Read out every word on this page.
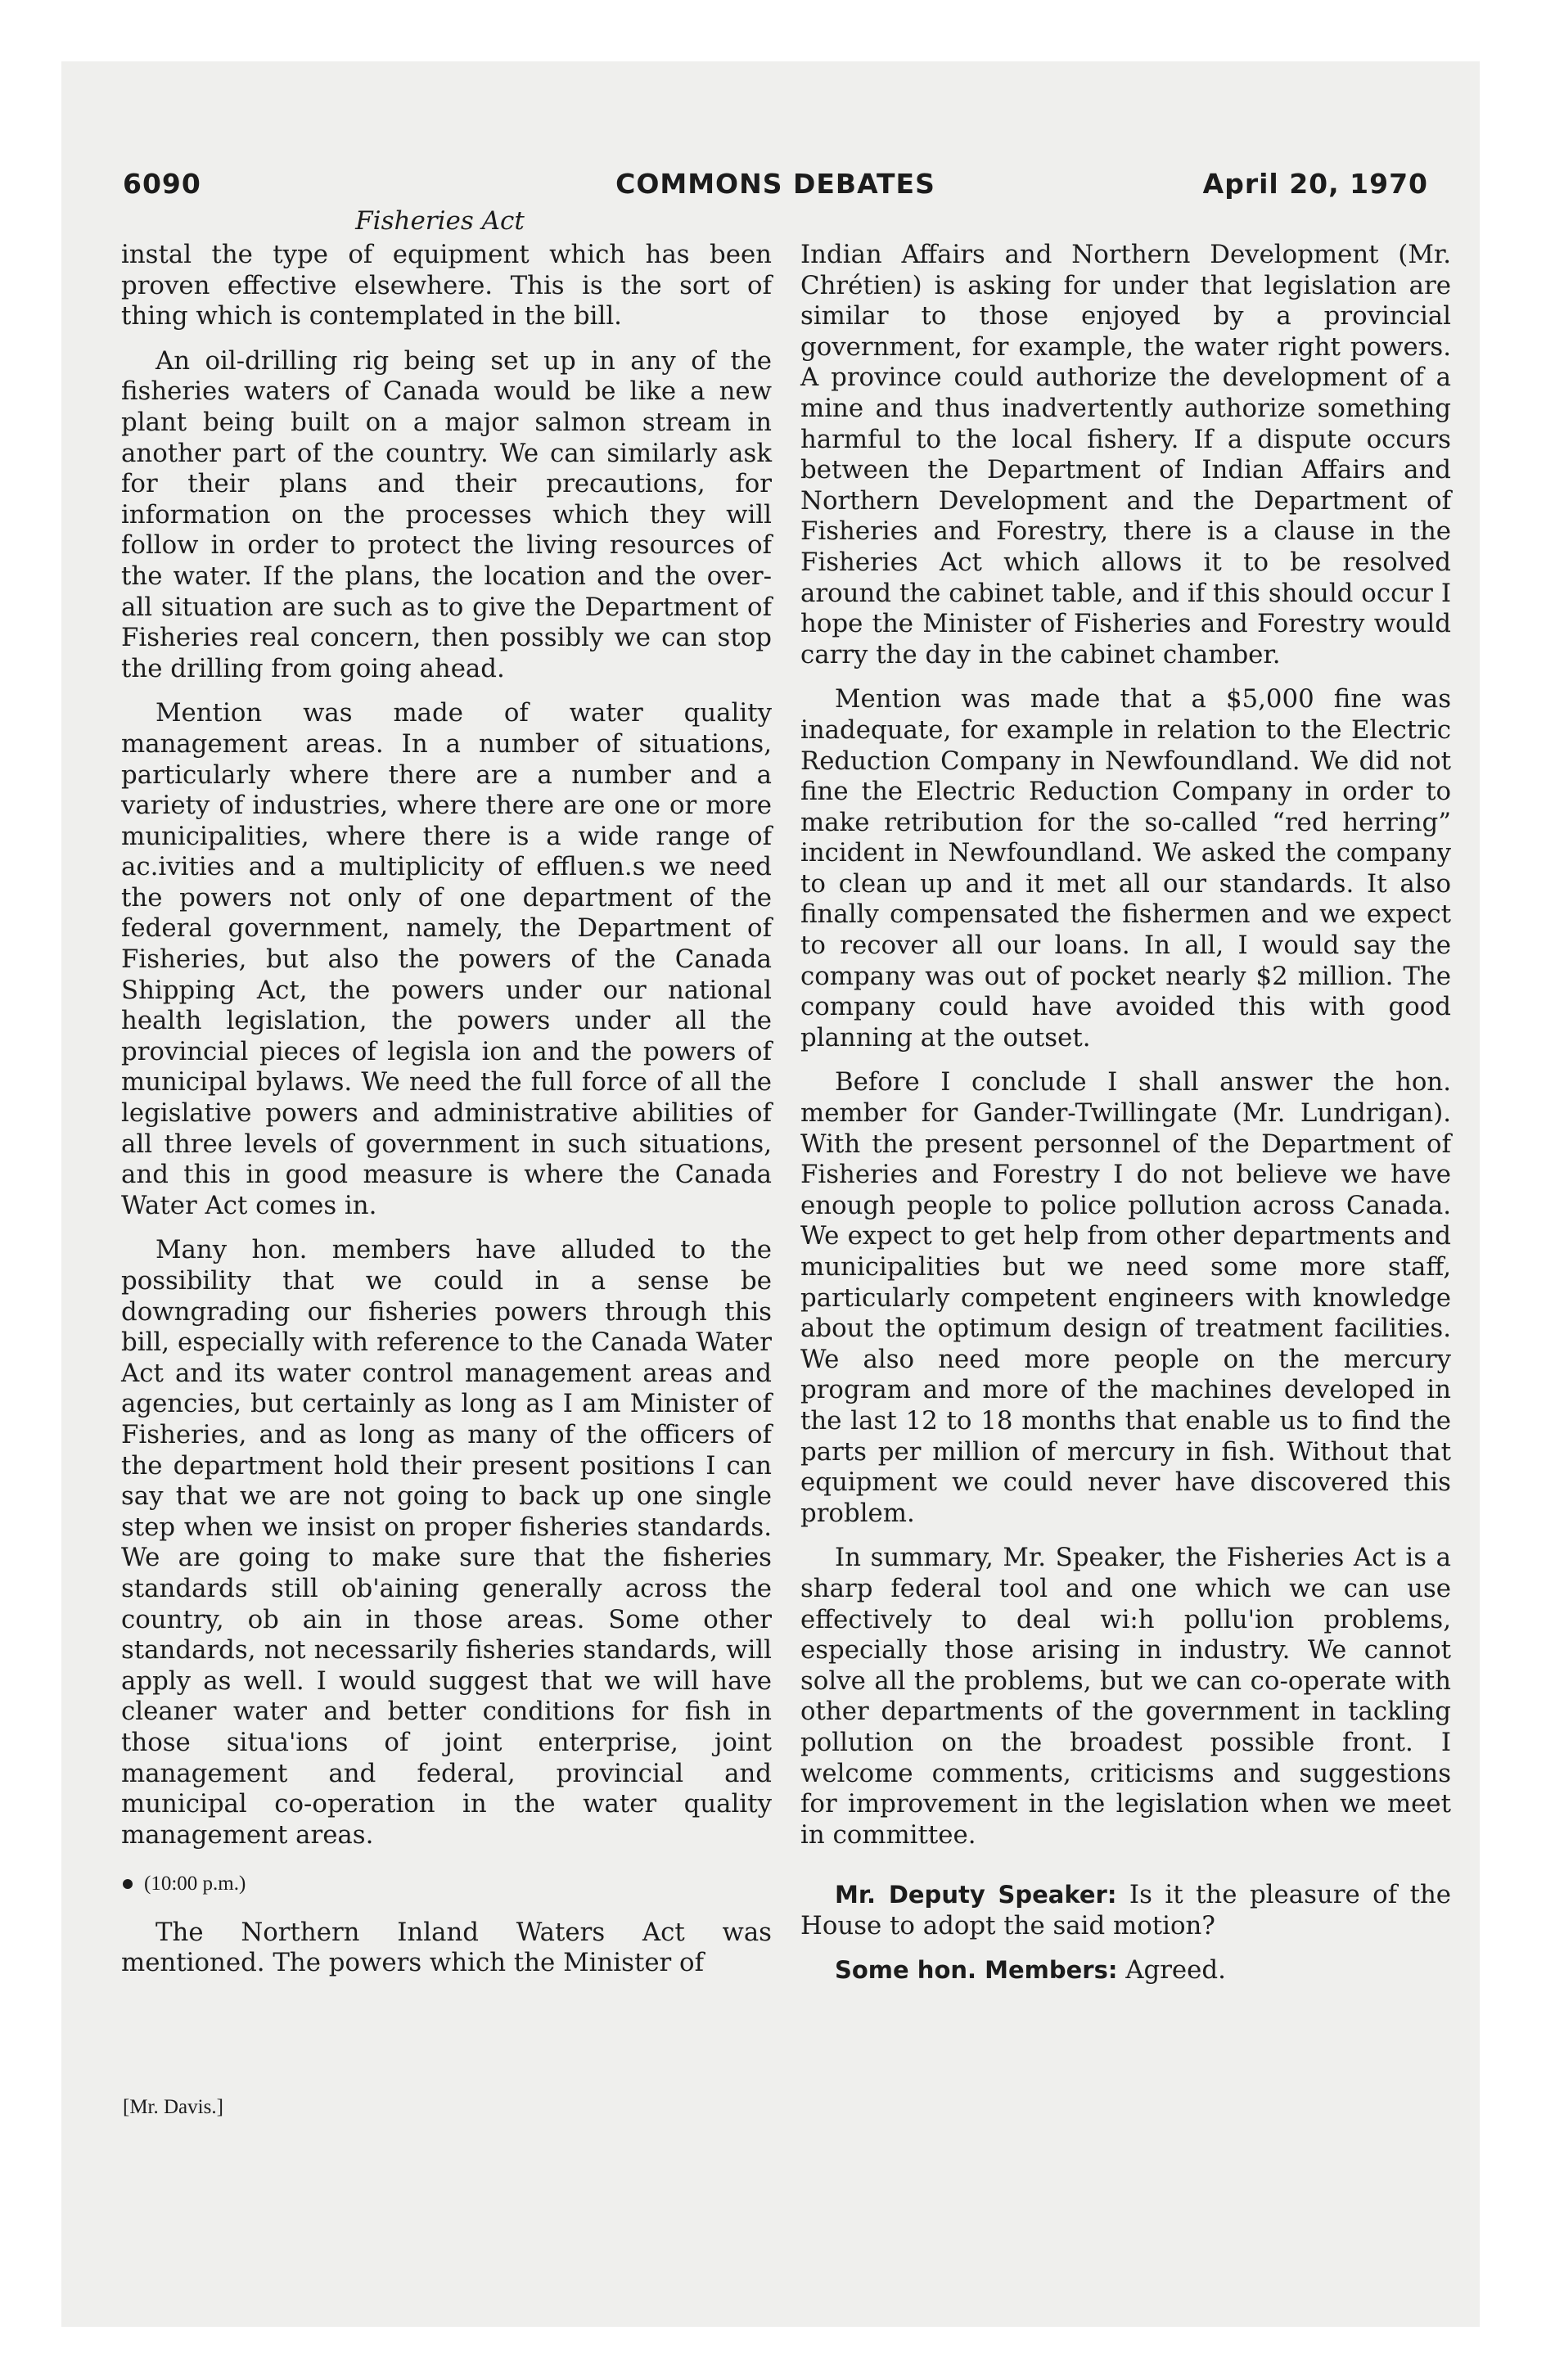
6090	COMMONS DEBATES	April 20, 1970
Fisheries Act

instal the type of equipment which has been proven effective elsewhere. This is the sort of thing which is contemplated in the bill.

An oil-drilling rig being set up in any of the fisheries waters of Canada would be like a new plant being built on a major salmon stream in another part of the country. We can similarly ask for their plans and their precautions, for information on the processes which they will follow in order to protect the living resources of the water. If the plans, the location and the over-all situation are such as to give the Department of Fisheries real concern, then possibly we can stop the drilling from going ahead.

Mention was made of water quality management areas. In a number of situations, particularly where there are a number and a variety of industries, where there are one or more municipalities, where there is a wide range of ac.ivities and a multiplicity of effluen.s we need the powers not only of one department of the federal government, namely, the Department of Fisheries, but also the powers of the Canada Shipping Act, the powers under our national health legislation, the powers under all the provincial pieces of legisla ion and the powers of municipal bylaws. We need the full force of all the legislative powers and administrative abilities of all three levels of government in such situations, and this in good measure is where the Canada Water Act comes in.

Many hon. members have alluded to the possibility that we could in a sense be downgrading our fisheries powers through this bill, especially with reference to the Canada Water Act and its water control management areas and agencies, but certainly as long as I am Minister of Fisheries, and as long as many of the officers of the department hold their present positions I can say that we are not going to back up one single step when we insist on proper fisheries standards. We are going to make sure that the fisheries standards still ob'aining generally across the country, ob ain in those areas. Some other standards, not necessarily fisheries standards, will apply as well. I would suggest that we will have cleaner water and better conditions for fish in those situa'ions of joint enterprise, joint management and federal, provincial and municipal co-operation in the water quality management areas.

(10:00 p.m.)

The Northern Inland Waters Act was mentioned. The powers which the Minister of

[Mr. Davis.]

Indian Affairs and Northern Development (Mr. Chrétien) is asking for under that legislation are similar to those enjoyed by a provincial government, for example, the water right powers. A province could authorize the development of a mine and thus inadvertently authorize something harmful to the local fishery. If a dispute occurs between the Department of Indian Affairs and Northern Development and the Department of Fisheries and Forestry, there is a clause in the Fisheries Act which allows it to be resolved around the cabinet table, and if this should occur I hope the Minister of Fisheries and Forestry would carry the day in the cabinet chamber.

Mention was made that a $5,000 fine was inadequate, for example in relation to the Electric Reduction Company in Newfoundland. We did not fine the Electric Reduction Company in order to make retribution for the so-called “red herring” incident in Newfoundland. We asked the company to clean up and it met all our standards. It also finally compensated the fishermen and we expect to recover all our loans. In all, I would say the company was out of pocket nearly $2 million. The company could have avoided this with good planning at the outset.

Before I conclude I shall answer the hon. member for Gander-Twillingate (Mr. Lundrigan). With the present personnel of the Department of Fisheries and Forestry I do not believe we have enough people to police pollution across Canada. We expect to get help from other departments and municipalities but we need some more staff, particularly competent engineers with knowledge about the optimum design of treatment facilities. We also need more people on the mercury program and more of the machines developed in the last 12 to 18 months that enable us to find the parts per million of mercury in fish. Without that equipment we could never have discovered this problem.

In summary, Mr. Speaker, the Fisheries Act is a sharp federal tool and one which we can use effectively to deal wi:h pollu'ion problems, especially those arising in industry. We cannot solve all the problems, but we can co-operate with other departments of the government in tackling pollution on the broadest possible front. I welcome comments, criticisms and suggestions for improvement in the legislation when we meet in committee.

Mr. Deputy Speaker: Is it the pleasure of the House to adopt the said motion?

Some hon. Members: Agreed.
